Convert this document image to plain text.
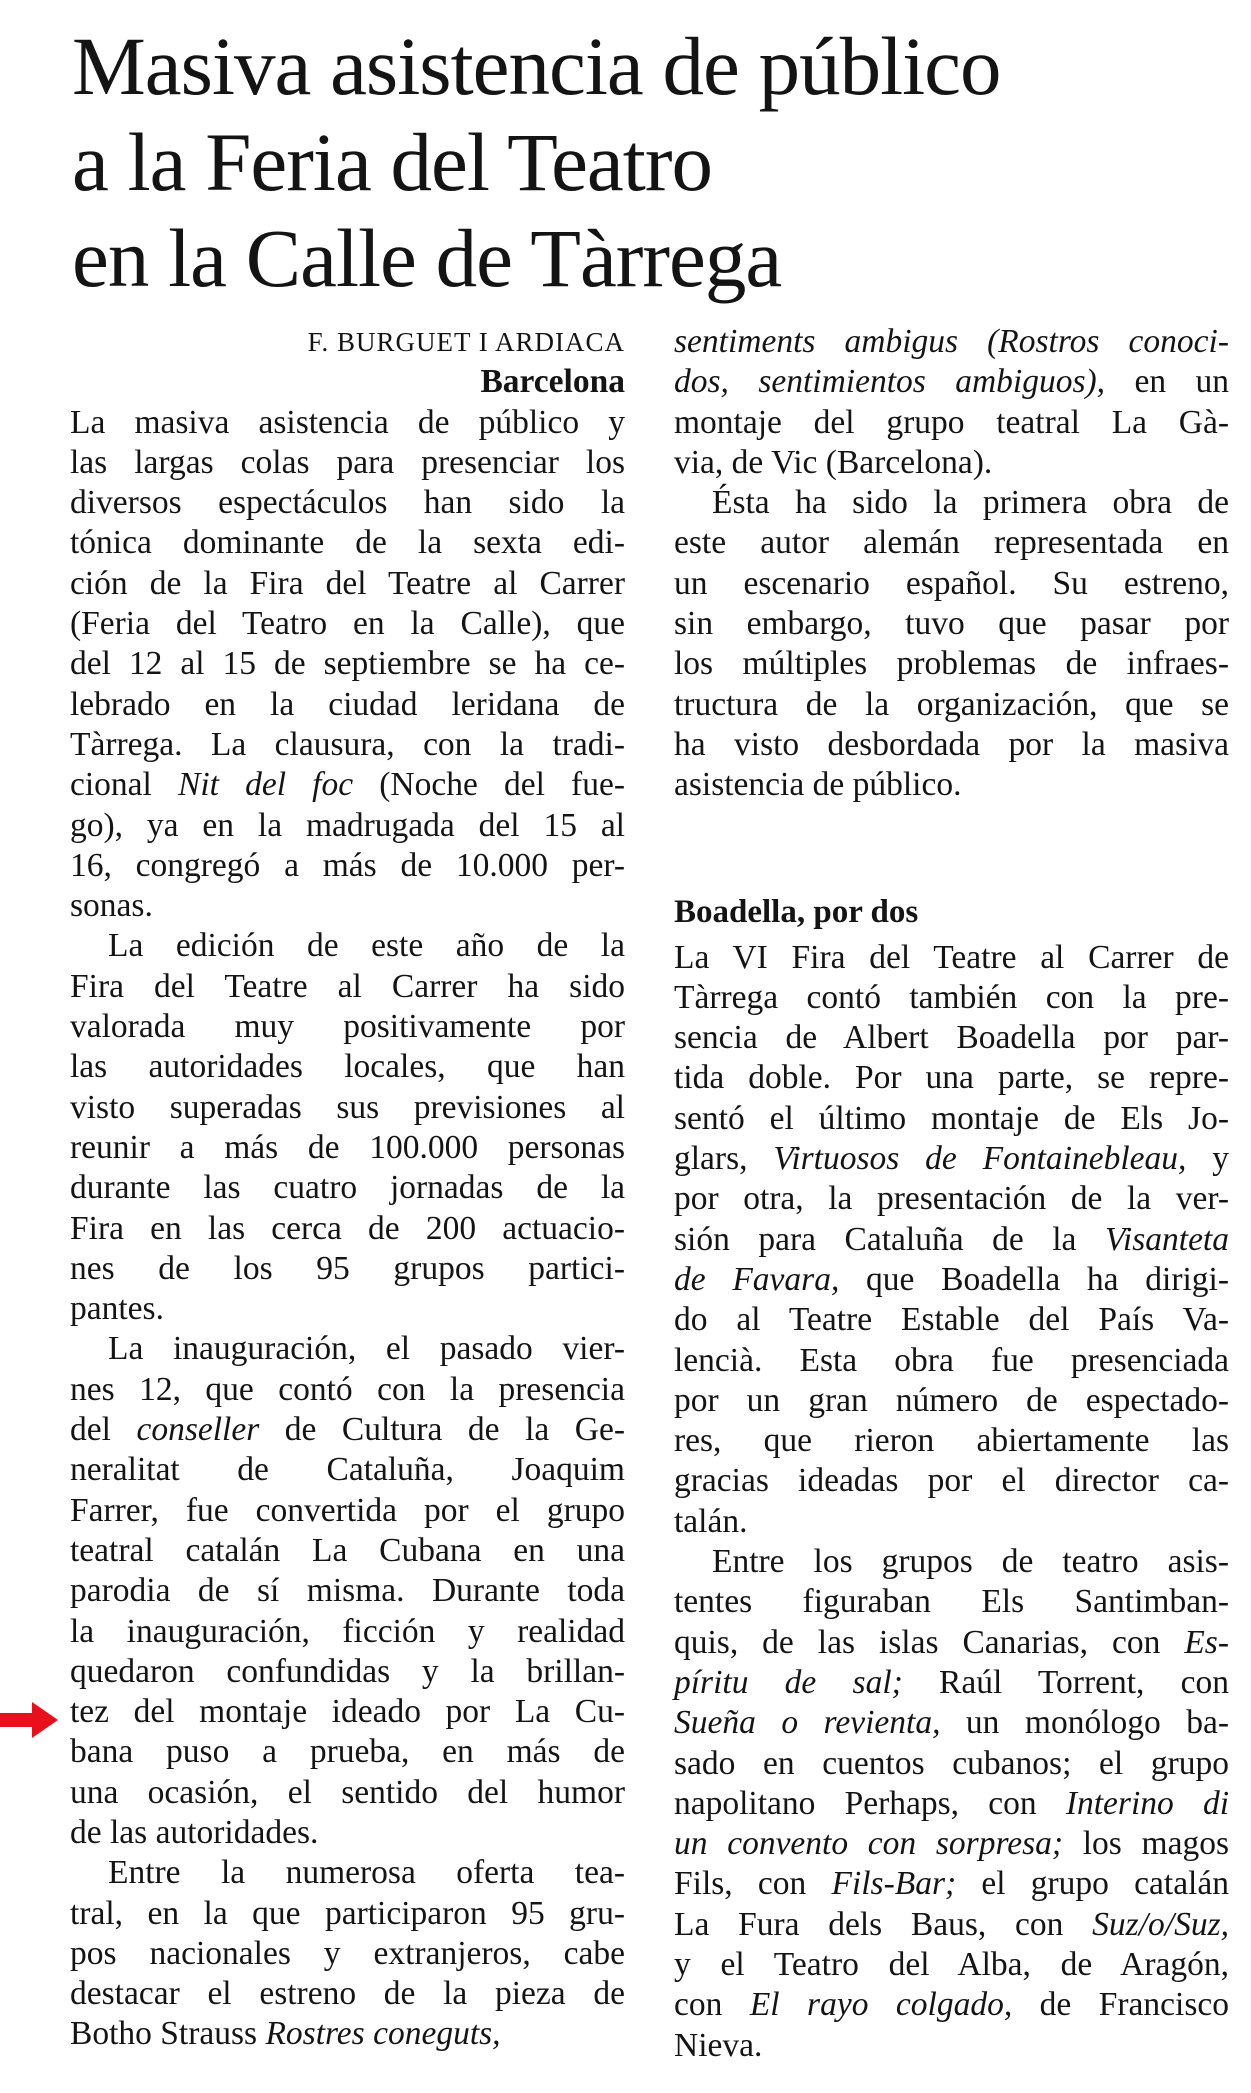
Masiva asistencia de público
a la Feria del Teatro
en la Calle de Tàrrega
F. BURGUET I ARDIACA
Barcelona
La masiva asistencia de público y
las largas colas para presenciar los
diversos espectáculos han sido la
tónica dominante de la sexta edi-
ción de la Fira del Teatre al Carrer
(Feria del Teatro en la Calle), que
del 12 al 15 de septiembre se ha ce-
lebrado en la ciudad leridana de
Tàrrega. La clausura, con la tradi-
cional Nit del foc (Noche del fue-
go), ya en la madrugada del 15 al
16, congregó a más de 10.000 per-
sonas.
La edición de este año de la
Fira del Teatre al Carrer ha sido
valorada muy positivamente por
las autoridades locales, que han
visto superadas sus previsiones al
reunir a más de 100.000 personas
durante las cuatro jornadas de la
Fira en las cerca de 200 actuacio-
nes de los 95 grupos partici-
pantes.
La inauguración, el pasado vier-
nes 12, que contó con la presencia
del conseller de Cultura de la Ge-
neralitat de Cataluña, Joaquim
Farrer, fue convertida por el grupo
teatral catalán La Cubana en una
parodia de sí misma. Durante toda
la inauguración, ficción y realidad
quedaron confundidas y la brillan-
tez del montaje ideado por La Cu-
bana puso a prueba, en más de
una ocasión, el sentido del humor
de las autoridades.
Entre la numerosa oferta tea-
tral, en la que participaron 95 gru-
pos nacionales y extranjeros, cabe
destacar el estreno de la pieza de
Botho Strauss Rostres coneguts,
sentiments ambigus (Rostros conoci-
dos, sentimientos ambiguos), en un
montaje del grupo teatral La Gà-
via, de Vic (Barcelona).
Ésta ha sido la primera obra de
este autor alemán representada en
un escenario español. Su estreno,
sin embargo, tuvo que pasar por
los múltiples problemas de infraes-
tructura de la organización, que se
ha visto desbordada por la masiva
asistencia de público.
Boadella, por dos
La VI Fira del Teatre al Carrer de
Tàrrega contó también con la pre-
sencia de Albert Boadella por par-
tida doble. Por una parte, se repre-
sentó el último montaje de Els Jo-
glars, Virtuosos de Fontainebleau, y
por otra, la presentación de la ver-
sión para Cataluña de la Visanteta
de Favara, que Boadella ha dirigi-
do al Teatre Estable del País Va-
lencià. Esta obra fue presenciada
por un gran número de espectado-
res, que rieron abiertamente las
gracias ideadas por el director ca-
talán.
Entre los grupos de teatro asis-
tentes figuraban Els Santimban-
quis, de las islas Canarias, con Es-
píritu de sal; Raúl Torrent, con
Sueña o revienta, un monólogo ba-
sado en cuentos cubanos; el grupo
napolitano Perhaps, con Interino di
un convento con sorpresa; los magos
Fils, con Fils-Bar; el grupo catalán
La Fura dels Baus, con Suz/o/Suz,
y el Teatro del Alba, de Aragón,
con El rayo colgado, de Francisco
Nieva.
